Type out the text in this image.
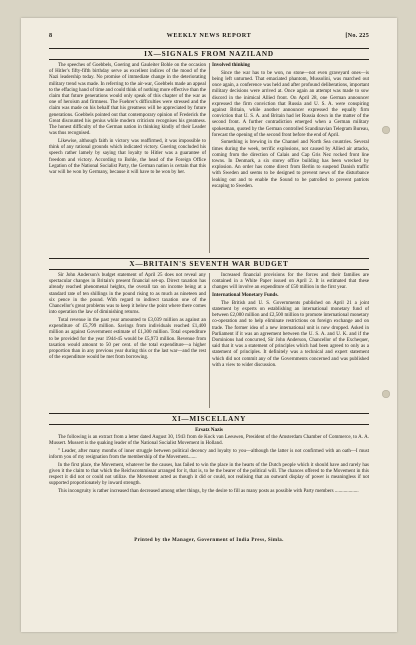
8	WEEKLY NEWS REPORT	[No. 225
IX—SIGNALS FROM NAZILAND

The speeches of Goebbels, Goering and Gauleiter Bohle on the occasion of Hitler's fifty-fifth birthday serve as excellent indices of the mood of the Nazi leadership today. No promise of immediate change in the deteriorating military trend was made. In referring to the air-war, Goebbels made an appeal to the effacing hand of time and could think of nothing more effective than the claim that future generations would only speak of this chapter of the war as one of heroism and firmness. The Fuehrer's difficulties were stressed and the claim was made on his behalf that his greatness will be appreciated by future generations. Goebbels pointed out that contemporary opinion of Frederick the Great discounted his genius while modern criticism recognises his greatness. The honest difficulty of the German nation in thinking kindly of their Leader was thus recognised.

Likewise, although faith in victory was reaffirmed, it was impossible to think of any rational grounds which indicated victory. Goering concluded his speech rather lamely by saying that loyalty to Hitler was a guarantee of freedom and victory. According to Bohle, the head of the Foreign Office Legation of the National Socialist Party, the German nation is certain that this war will be won by Germany, because it will have to be won by her.

Involved thinking

Since the war has to be won, no stone—not even graveyard ones—is being left unturned. That emaciated phantom, Mussolini, was marched out once again, a conference was held and after profound deliberations, important military decisions were arrived at. Once again an attempt was made to sow discord in the inimical Allied front. On April 28, one German announcer expressed the firm conviction that Russia and U. S. A. were conspiring against Britain, while another announcer expressed the equally firm conviction that U. S. A. and Britain had let Russia down in the matter of the second front. A further contradiction emerged when a German military spokesman, quoted by the German controlled Scandinavian Telegram Bureau, forecast the opening of the second front before the end of April.

Something is brewing in the Channel and North Sea countries. Several times during the week, terrific explosions, not caused by Allied air attacks, coming from the direction of Calais and Cap Gris Nez rocked front line towns. In Denmark, a six storey office building has been wrecked by explosion. An order has come direct from Berlin to suspend Danish traffic with Sweden and seems to be designed to prevent news of the disturbance leaking out and to enable the Sound to be patrolled to prevent patriots escaping to Sweden.

X—BRITAIN'S SEVENTH WAR BUDGET

Sir John Anderson's budget statement of April 25 does not reveal any spectacular changes in Britain's present financial set-up. Direct taxation has already reached phenomenal heights, the overall tax on income being at a standard rate of ten shillings in the pound rising to as much as nineteen and six pence in the pound. With regard to indirect taxation one of the Chancellor's great problems was to keep it below the point where there comes into operation the law of diminishing returns.

Total revenue in the past year amounted to £3,039 million as against an expenditure of £5,799 million. Savings from individuals reached £1,400 million as against Government estimate of £1,300 million. Total expenditure to be provided for the year 1944-45 would be £5,973 million. Revenue from taxation would amount to 50 per cent. of the total expenditure—a higher proportion than in any previous year during this or the last war—and the rest of the expenditure would be met from borrowing.

Increased financial provisions for the forces and their families are contained in a White Paper issued on April 2. It is estimated that these changes will involve an expenditure of £50 million in the first year.

International Monetary Funds.

The British and U. S. Governments published on April 21 a joint statement by experts on establishing an international monetary fund of between £2,000 million and £2,500 million to promote international monetary co-operation and to help eliminate restrictions on foreign exchange and on trade. The former idea of a new international unit is now dropped. Asked in Parliament if it was an agreement between the U. S. A. and U. K. and if the Dominions had concurred, Sir John Anderson, Chancellor of the Exchequer, said that it was a statement of principles which had been agreed to only as a statement of principles. It definitely was a technical and expert statement which did not commit any of the Governments concerned and was published with a view to wider discussion.

XI—MISCELLANY
Ersatz Nazis

The following is an extract from a letter dated August 30, 1943 from de Kock van Leeuwen, President of the Amsterdam Chamber of Commerce, to A. A. Mussert. Mussert is the quaking leader of the National Socialist Movement in Holland.

" Leader, after many months of inner struggle between political decency and loyalty to you—although the latter is not confirmed with an oath—I must inform you of my resignation from the membership of the Movement.......

In the first place, the Movement, whatever be the causes, has failed to win the place in the hearts of the Dutch people which it should have and rarely has given it the claim to that which the Reichscommissar arranged for it, that is, to be the bearer of the political will. The chances offered to the Movement in this respect it did not or could not utilize. the Movement acted as though it did or could, not realising that an outward display of power is meaningless if not supported proportionately by inward strength.

This incongruity is rather increased than decreased among other things, by the desire to fill as many posts as possible with Party members ...................

Printed by the Manager, Government of India Press, Simla.
